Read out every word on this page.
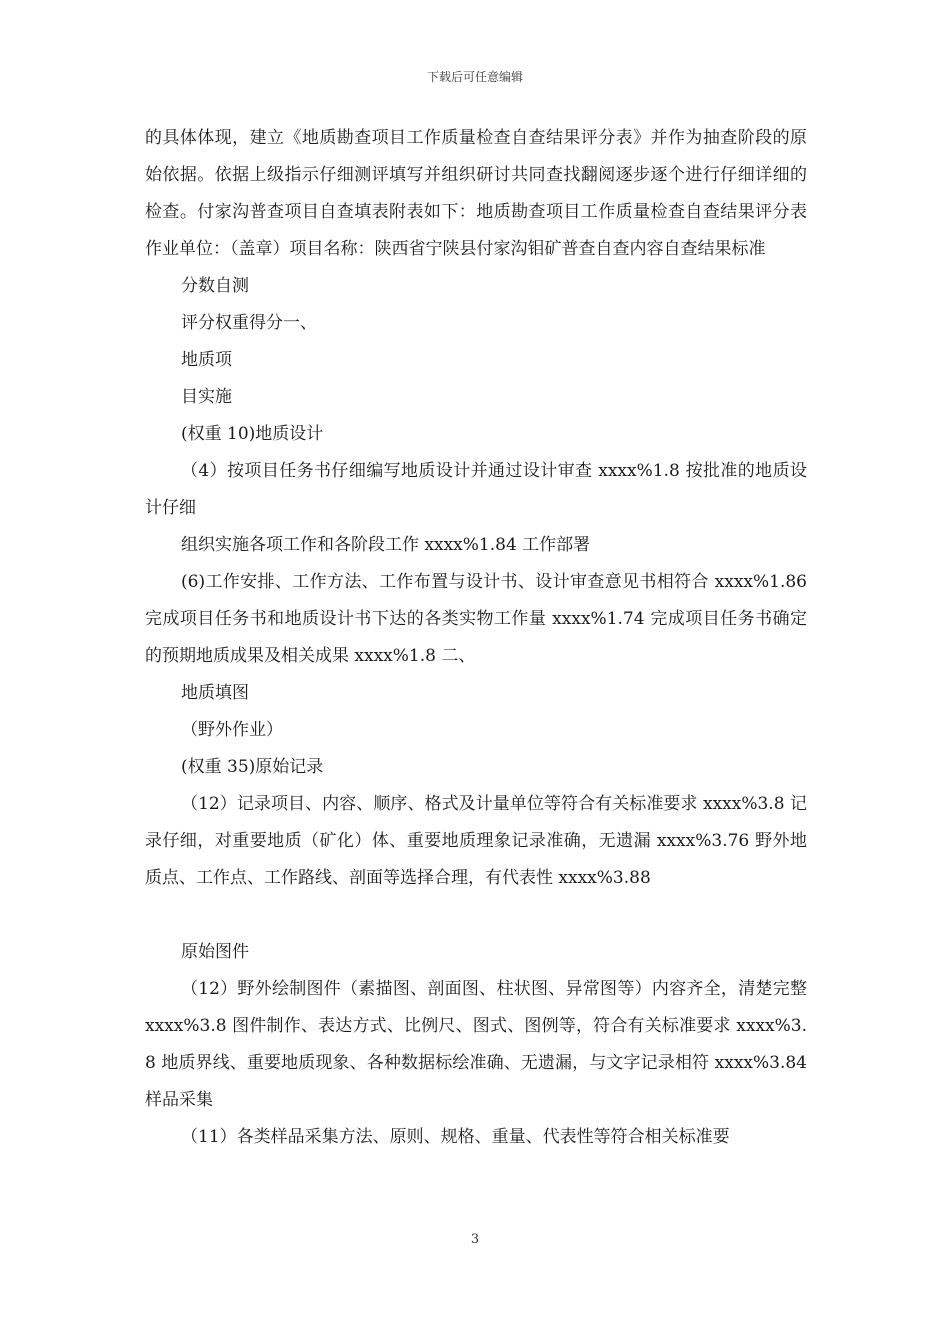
下载后可任意编辑

的具体体现，建立《地质勘查项目工作质量检查自查结果评分表》并作为抽查阶段的原始依据。依据上级指示仔细测评填写并组织研讨共同查找翻阅逐步逐个进行仔细详细的检查。付家沟普查项目自查填表附表如下：地质勘查项目工作质量检查自查结果评分表作业单位：（盖章）项目名称：陕西省宁陕县付家沟钼矿普查自查内容自查结果标准

分数自测

评分权重得分一、

地质项

目实施

(权重 10)地质设计

（4）按项目任务书仔细编写地质设计并通过设计审查 xxxx%1.8 按批准的地质设计仔细

组织实施各项工作和各阶段工作 xxxx%1.84 工作部署

(6)工作安排、工作方法、工作布置与设计书、设计审查意见书相符合 xxxx%1.86 完成项目任务书和地质设计书下达的各类实物工作量 xxxx%1.74 完成项目任务书确定的预期地质成果及相关成果 xxxx%1.8 二、

地质填图

（野外作业）

(权重 35)原始记录

（12）记录项目、内容、顺序、格式及计量单位等符合有关标准要求 xxxx%3.8 记录仔细，对重要地质（矿化）体、重要地质理象记录准确，无遗漏 xxxx%3.76 野外地质点、工作点、工作路线、剖面等选择合理，有代表性 xxxx%3.88

原始图件

（12）野外绘制图件（素描图、剖面图、柱状图、异常图等）内容齐全，清楚完整 xxxx%3.8 图件制作、表达方式、比例尺、图式、图例等，符合有关标准要求 xxxx%3.8 地质界线、重要地质现象、各种数据标绘准确、无遗漏，与文字记录相符 xxxx%3.84 样品采集

（11）各类样品采集方法、原则、规格、重量、代表性等符合相关标准要

3
